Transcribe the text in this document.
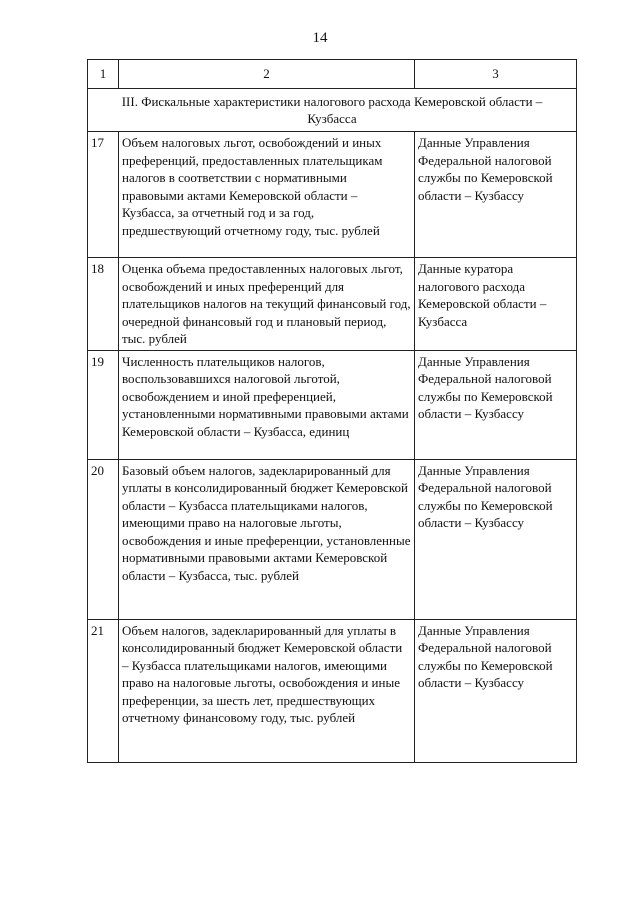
14
1	2	3
III. Фискальные характеристики налогового расхода Кемеровской области – Кузбасса		
17	Объем налоговых льгот, освобождений и иных преференций, предоставленных плательщикам налогов в соответствии с нормативными правовыми актами Кемеровской области – Кузбасса, за отчетный год и за год, предшествующий отчетному году, тыс. рублей	Данные Управления Федеральной налоговой службы по Кемеровской области – Кузбассу
18	Оценка объема предоставленных налоговых льгот, освобождений и иных преференций для плательщиков налогов на текущий финансовый год, очередной финансовый год и плановый период, тыс. рублей	Данные куратора налогового расхода Кемеровской области – Кузбасса
19	Численность плательщиков налогов, воспользовавшихся налоговой льготой, освобождением и иной преференцией, установленными нормативными правовыми актами Кемеровской области – Кузбасса, единиц	Данные Управления Федеральной налоговой службы по Кемеровской области – Кузбассу
20	Базовый объем налогов, задекларированный для уплаты в консолидированный бюджет Кемеровской области – Кузбасса плательщиками налогов, имеющими право на налоговые льготы, освобождения и иные преференции, установленные нормативными правовыми актами Кемеровской области – Кузбасса, тыс. рублей	Данные Управления Федеральной налоговой службы по Кемеровской области – Кузбассу
21	Объем налогов, задекларированный для уплаты в консолидированный бюджет Кемеровской области – Кузбасса плательщиками налогов, имеющими право на налоговые льготы, освобождения и иные преференции, за шесть лет, предшествующих отчетному финансовому году, тыс. рублей	Данные Управления Федеральной налоговой службы по Кемеровской области – Кузбассу
